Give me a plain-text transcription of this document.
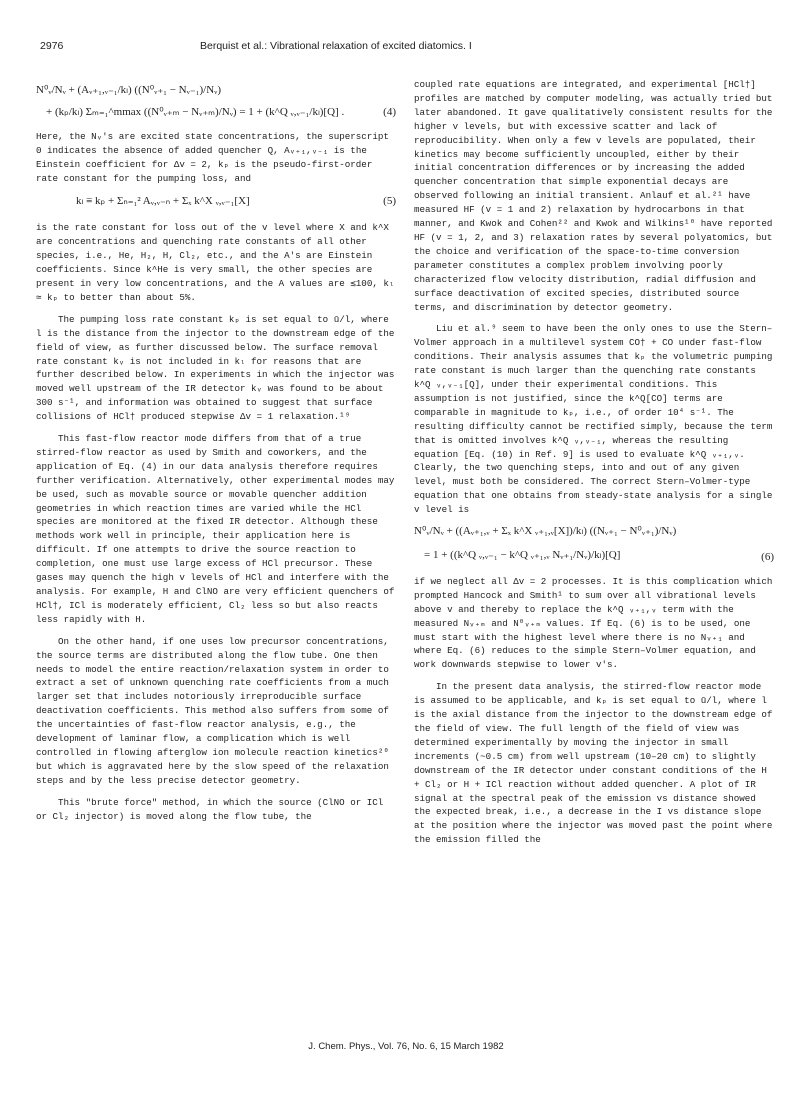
2976	Berquist et al.: Vibrational relaxation of excited diatomics. I
N⁰ᵥ/Nᵥ + (Aᵥ₊₁,ᵥ₋₁/kₗ) ((N⁰ᵥ₊₁ − Nᵥ₋₁)/Nᵥ)
+ (kₚ/kₗ) Σₘ₌₁^mmax ((N⁰ᵥ₊ₘ − Nᵥ₊ₘ)/Nᵥ) = 1 + (k^Q ᵥ,ᵥ₋₁/kₗ)[Q] .	(4)

Here, the Nᵥ's are excited state concentrations, the superscript 0 indicates the absence of added quencher Q, Aᵥ₊₁,ᵥ₋₁ is the Einstein coefficient for Δv = 2, kₚ is the pseudo-first-order rate constant for the pumping loss, and

kₗ ≡ kₚ + Σₙ₌₁² Aᵥ,ᵥ₋ₙ + Σₓ k^X ᵥ,ᵥ₋₁[X]	(5)

is the rate constant for loss out of the v level where X and k^X are concentrations and quenching rate constants of all other species, i.e., He, H₂, H, Cl₂, etc., and the A's are Einstein coefficients. Since k^He is very small, the other species are present in very low concentrations, and the A values are ≲100, kₗ ≃ kₚ to better than about 5%.

The pumping loss rate constant kₚ is set equal to ū/l, where l is the distance from the injector to the downstream edge of the field of view, as further discussed below. The surface removal rate constant kᵥ is not included in kₗ for reasons that are further described below. In experiments in which the injector was moved well upstream of the IR detector kᵥ was found to be about 300 s⁻¹, and information was obtained to suggest that surface collisions of HCl† produced stepwise Δv = 1 relaxation.¹⁹

This fast-flow reactor mode differs from that of a true stirred-flow reactor as used by Smith and coworkers, and the application of Eq. (4) in our data analysis therefore requires further verification. Alternatively, other experimental modes may be used, such as movable source or movable quencher addition geometries in which reaction times are varied while the HCl species are monitored at the fixed IR detector. Although these methods work well in principle, their application here is difficult. If one attempts to drive the source reaction to completion, one must use large excess of HCl precursor. These gases may quench the high v levels of HCl and interfere with the analysis. For example, H and ClNO are very efficient quenchers of HCl†, ICl is moderately efficient, Cl₂ less so but also reacts less rapidly with H.

On the other hand, if one uses low precursor concentrations, the source terms are distributed along the flow tube. One then needs to model the entire reaction/relaxation system in order to extract a set of unknown quenching rate coefficients from a much larger set that includes notoriously irreproducible surface deactivation coefficients. This method also suffers from some of the uncertainties of fast-flow reactor analysis, e.g., the development of laminar flow, a complication which is well controlled in flowing afterglow ion molecule reaction kinetics²⁰ but which is aggravated here by the slow speed of the relaxation steps and by the less precise detector geometry.

This "brute force" method, in which the source (ClNO or ICl or Cl₂ injector) is moved along the flow tube, the

coupled rate equations are integrated, and experimental [HCl†] profiles are matched by computer modeling, was actually tried but later abandoned. It gave qualitatively consistent results for the higher v levels, but with excessive scatter and lack of reproducibility. When only a few v levels are populated, their kinetics may become sufficiently uncoupled, either by their initial concentration differences or by increasing the added quencher concentration that simple exponential decays are observed following an initial transient. Anlauf et al.²¹ have measured HF (v = 1 and 2) relaxation by hydrocarbons in that manner, and Kwok and Cohen²² and Kwok and Wilkins¹⁰ have reported HF (v = 1, 2, and 3) relaxation rates by several polyatomics, but the choice and verification of the space-to-time conversion parameter constitutes a complex problem involving poorly characterized flow velocity distribution, radial diffusion and surface deactivation of excited species, distributed source terms, and discrimination by detector geometry.

Liu et al.⁹ seem to have been the only ones to use the Stern–Volmer approach in a multilevel system CO† + CO under fast-flow conditions. Their analysis assumes that kₚ the volumetric pumping rate constant is much larger than the quenching rate constants k^Q ᵥ,ᵥ₋₁[Q], under their experimental conditions. This assumption is not justified, since the k^Q[CO] terms are comparable in magnitude to kₚ, i.e., of order 10⁴ s⁻¹. The resulting difficulty cannot be rectified simply, because the term that is omitted involves k^Q ᵥ,ᵥ₋₁, whereas the resulting equation [Eq. (10) in Ref. 9] is used to evaluate k^Q ᵥ₊₁,ᵥ. Clearly, the two quenching steps, into and out of any given level, must both be considered. The correct Stern–Volmer-type equation that one obtains from steady-state analysis for a single v level is

N⁰ᵥ/Nᵥ + ((Aᵥ₊₁,ᵥ + Σₓ k^X ᵥ₊₁,ᵥ[X])/kₗ) ((Nᵥ₊₁ − N⁰ᵥ₊₁)/Nᵥ)
= 1 + ((k^Q ᵥ,ᵥ₋₁ − k^Q ᵥ₊₁,ᵥ Nᵥ₊₁/Nᵥ)/kₗ)[Q]	(6)

if we neglect all Δv = 2 processes. It is this complication which prompted Hancock and Smith¹ to sum over all vibrational levels above v and thereby to replace the k^Q ᵥ₊₁,ᵥ term with the measured Nᵥ₊ₘ and N⁰ᵥ₊ₘ values. If Eq. (6) is to be used, one must start with the highest level where there is no Nᵥ₊₁ and where Eq. (6) reduces to the simple Stern–Volmer equation, and work downwards stepwise to lower v's.

In the present data analysis, the stirred-flow reactor mode is assumed to be applicable, and kₚ is set equal to ū/l, where l is the axial distance from the injector to the downstream edge of the field of view. The full length of the field of view was determined experimentally by moving the injector in small increments (~0.5 cm) from well upstream (10–20 cm) to slightly downstream of the IR detector under constant conditions of the H + Cl₂ or H + ICl reaction without added quencher. A plot of IR signal at the spectral peak of the emission vs distance showed the expected break, i.e., a decrease in the I vs distance slope at the position where the injector was moved past the point where the emission filled the

J. Chem. Phys., Vol. 76, No. 6, 15 March 1982
